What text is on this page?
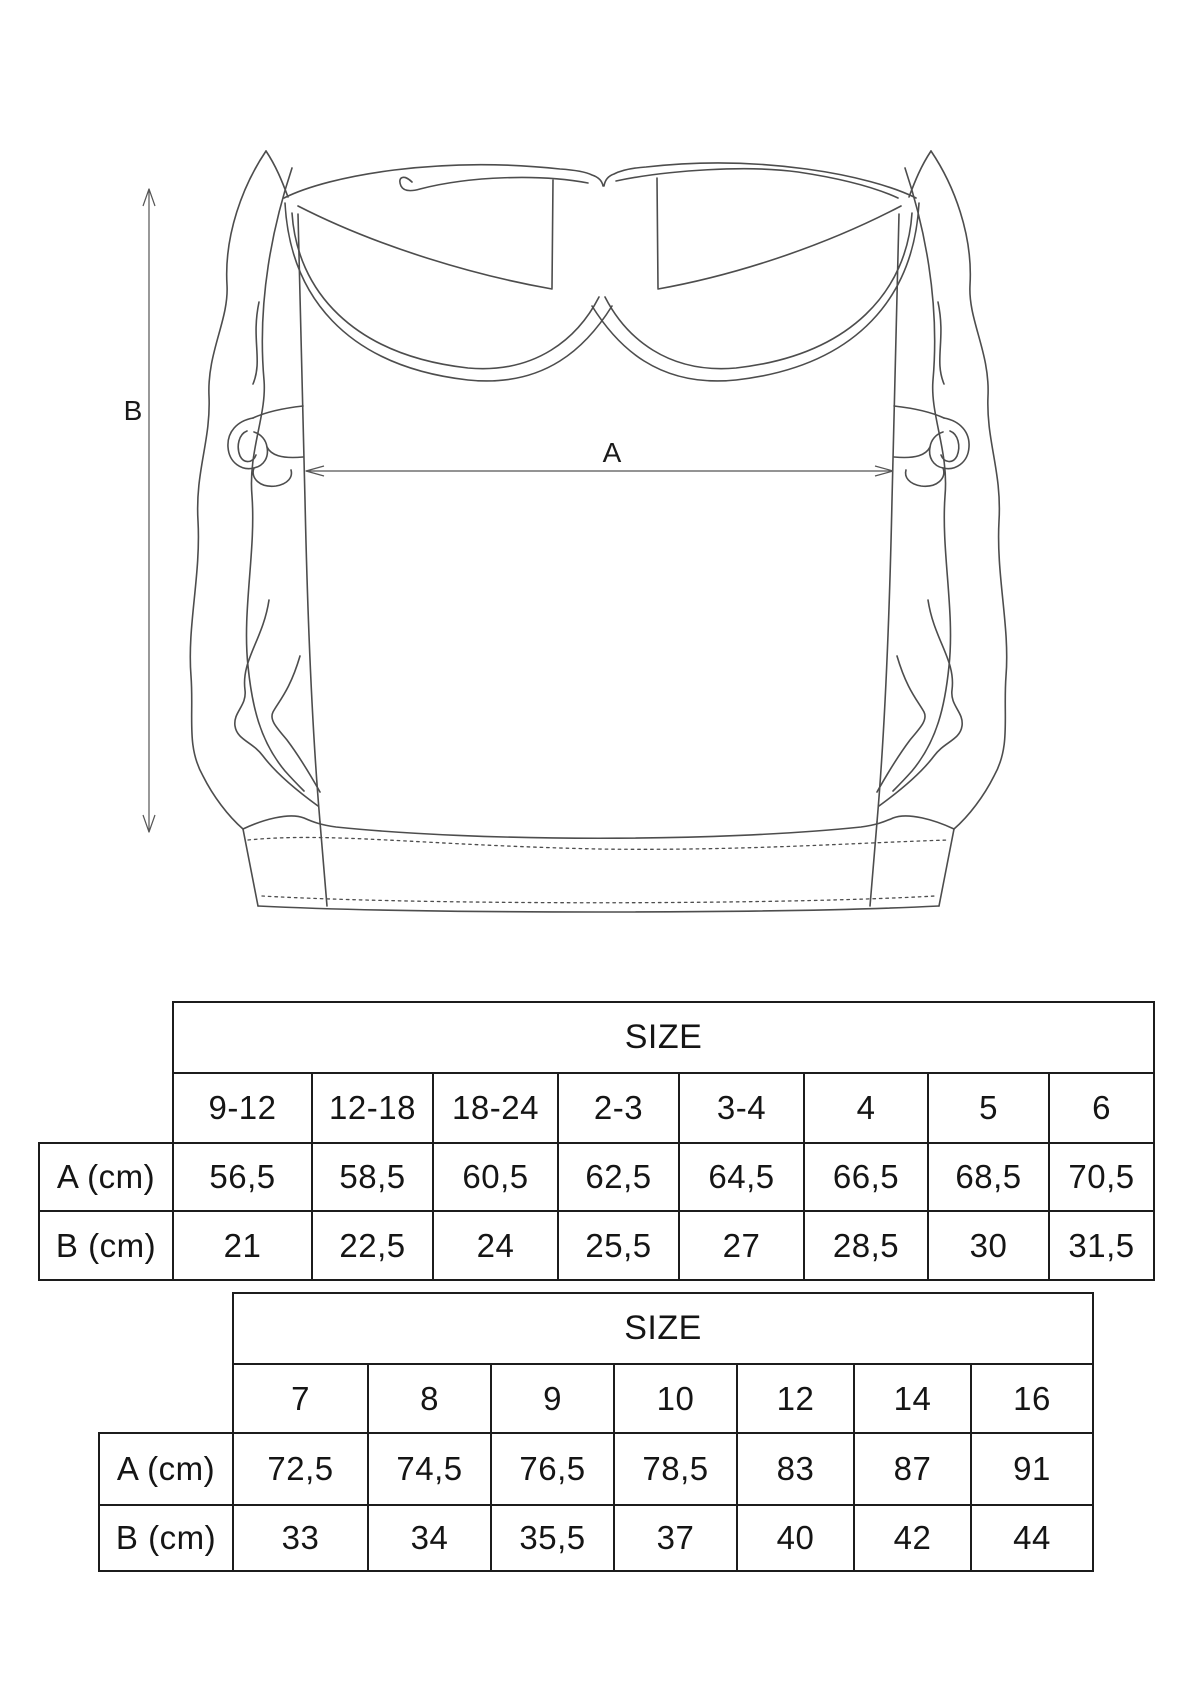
A
B
	SIZE							
	9-12	12-18	18-24	2-3	3-4	4	5	6
A (cm)	56,5	58,5	60,5	62,5	64,5	66,5	68,5	70,5
B (cm)	21	22,5	24	25,5	27	28,5	30	31,5
	SIZE						
	7	8	9	10	12	14	16
A (cm)	72,5	74,5	76,5	78,5	83	87	91
B (cm)	33	34	35,5	37	40	42	44
